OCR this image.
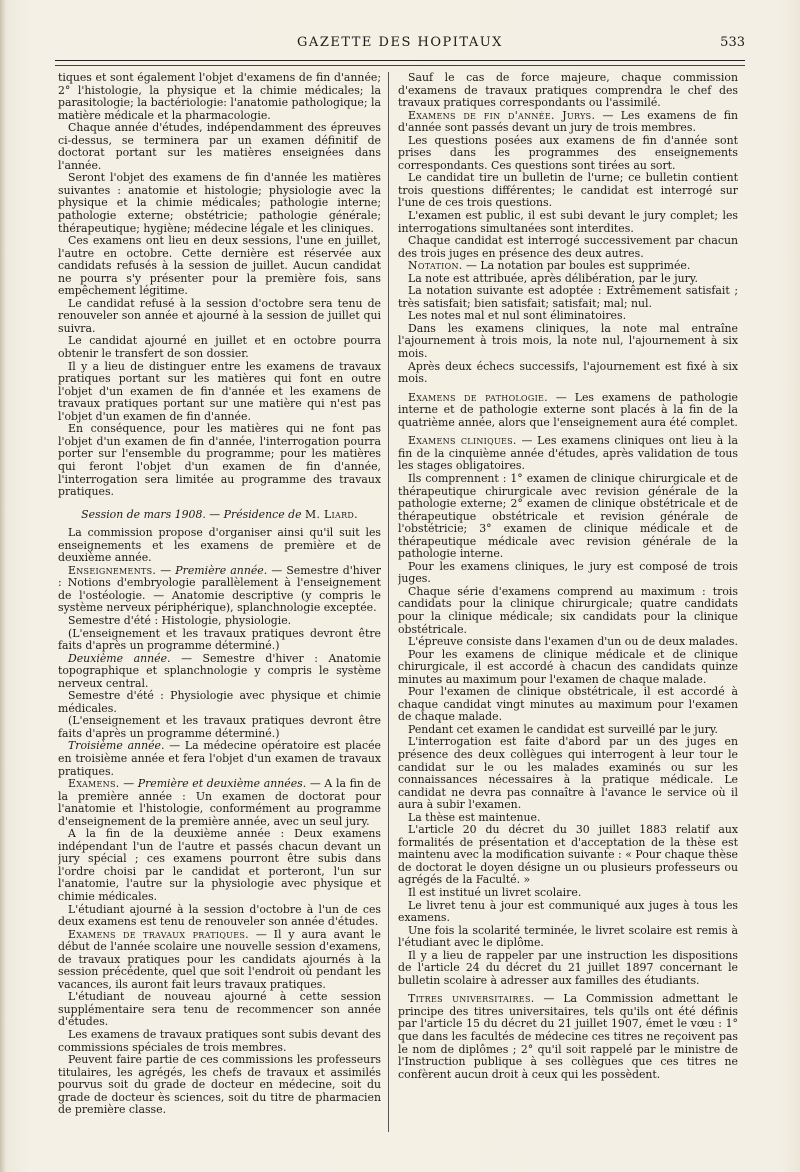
GAZETTE DES HOPITAUX	533

tiques et sont également l'objet d'examens de fin d'année; 2° l'histologie, la physique et la chimie médicales; la parasitologie; la bactériologie: l'anatomie pathologique; la matière médicale et la pharmacologie.

Chaque année d'études, indépendamment des épreuves ci-dessus, se terminera par un examen définitif de doctorat portant sur les matières enseignées dans l'année.

Seront l'objet des examens de fin d'année les matières suivantes : anatomie et histologie; physiologie avec la physique et la chimie médicales; pathologie interne; pathologie externe; obstétricie; pathologie générale; thérapeutique; hygiène; médecine légale et les cliniques.

Ces examens ont lieu en deux sessions, l'une en juillet, l'autre en octobre. Cette dernière est réservée aux candidats refusés à la session de juillet. Aucun candidat ne pourra s'y présenter pour la première fois, sans empêchement légitime.

Le candidat refusé à la session d'octobre sera tenu de renouveler son année et ajourné à la session de juillet qui suivra.

Le candidat ajourné en juillet et en octobre pourra obtenir le transfert de son dossier.

Il y a lieu de distinguer entre les examens de travaux pratiques portant sur les matières qui font en outre l'objet d'un examen de fin d'année et les examens de travaux pratiques portant sur une matière qui n'est pas l'objet d'un examen de fin d'année.

En conséquence, pour les matières qui ne font pas l'objet d'un examen de fin d'année, l'interrogation pourra porter sur l'ensemble du programme; pour les matières qui feront l'objet d'un examen de fin d'année, l'interrogation sera limitée au programme des travaux pratiques.

Session de mars 1908. — Présidence de M. Liard.

La commission propose d'organiser ainsi qu'il suit les enseignements et les examens de première et de deuxième année.

Enseignements. — Première année. — Semestre d'hiver : Notions d'embryologie parallèlement à l'enseignement de l'ostéologie. — Anatomie descriptive (y compris le système nerveux périphérique), splanchnologie exceptée.

Semestre d'été : Histologie, physiologie.

(L'enseignement et les travaux pratiques devront être faits d'après un programme déterminé.)

Deuxième année. — Semestre d'hiver : Anatomie topographique et splanchnologie y compris le système nerveux central.

Semestre d'été : Physiologie avec physique et chimie médicales.

(L'enseignement et les travaux pratiques devront être faits d'après un programme déterminé.)

Troisième année. — La médecine opératoire est placée en troisième année et fera l'objet d'un examen de travaux pratiques.

Examens. — Première et deuxième années. — A la fin de la première année : Un examen de doctorat pour l'anatomie et l'histologie, conformément au programme d'enseignement de la première année, avec un seul jury.

A la fin de la deuxième année : Deux examens indépendant l'un de l'autre et passés chacun devant un jury spécial ; ces examens pourront être subis dans l'ordre choisi par le candidat et porteront, l'un sur l'anatomie, l'autre sur la physiologie avec physique et chimie médicales.

L'étudiant ajourné à la session d'octobre à l'un de ces deux examens est tenu de renouveler son année d'études.

Examens de travaux pratiques. — Il y aura avant le début de l'année scolaire une nouvelle session d'examens, de travaux pratiques pour les candidats ajournés à la session précédente, quel que soit l'endroit où pendant les vacances, ils auront fait leurs travaux pratiques.

L'étudiant de nouveau ajourné à cette session supplémentaire sera tenu de recommencer son année d'études.

Les examens de travaux pratiques sont subis devant des commissions spéciales de trois membres.

Peuvent faire partie de ces commissions les professeurs titulaires, les agrégés, les chefs de travaux et assimilés pourvus soit du grade de docteur en médecine, soit du grade de docteur ès sciences, soit du titre de pharmacien de première classe.

Sauf le cas de force majeure, chaque commission d'examens de travaux pratiques comprendra le chef des travaux pratiques correspondants ou l'assimilé.

Examens de fin d'année. Jurys. — Les examens de fin d'année sont passés devant un jury de trois membres.

Les questions posées aux examens de fin d'année sont prises dans les programmes des enseignements correspondants. Ces questions sont tirées au sort.

Le candidat tire un bulletin de l'urne; ce bulletin contient trois questions différentes; le candidat est interrogé sur l'une de ces trois questions.

L'examen est public, il est subi devant le jury complet; les interrogations simultanées sont interdites.

Chaque candidat est interrogé successivement par chacun des trois juges en présence des deux autres.

Notation. — La notation par boules est supprimée.

La note est attribuée, après délibération, par le jury.

La notation suivante est adoptée : Extrêmement satisfait ; très satisfait; bien satisfait; satisfait; mal; nul.

Les notes mal et nul sont éliminatoires.

Dans les examens cliniques, la note mal entraîne l'ajournement à trois mois, la note nul, l'ajournement à six mois.

Après deux échecs successifs, l'ajournement est fixé à six mois.

Examens de pathologie. — Les examens de pathologie interne et de pathologie externe sont placés à la fin de la quatrième année, alors que l'enseignement aura été complet.

Examens cliniques. — Les examens cliniques ont lieu à la fin de la cinquième année d'études, après validation de tous les stages obligatoires.

Ils comprennent : 1° examen de clinique chirurgicale et de thérapeutique chirurgicale avec revision générale de la pathologie externe; 2° examen de clinique obstétricale et de thérapeutique obstétricale et revision générale de l'obstétricie; 3° examen de clinique médicale et de thérapeutique médicale avec revision générale de la pathologie interne.

Pour les examens cliniques, le jury est composé de trois juges.

Chaque série d'examens comprend au maximum : trois candidats pour la clinique chirurgicale; quatre candidats pour la clinique médicale; six candidats pour la clinique obstétricale.

L'épreuve consiste dans l'examen d'un ou de deux malades.

Pour les examens de clinique médicale et de clinique chirurgicale, il est accordé à chacun des candidats quinze minutes au maximum pour l'examen de chaque malade.

Pour l'examen de clinique obstétricale, il est accordé à chaque candidat vingt minutes au maximum pour l'examen de chaque malade.

Pendant cet examen le candidat est surveillé par le jury.

L'interrogation est faite d'abord par un des juges en présence des deux collègues qui interrogent à leur tour le candidat sur le ou les malades examinés ou sur les connaissances nécessaires à la pratique médicale. Le candidat ne devra pas connaître à l'avance le service où il aura à subir l'examen.

La thèse est maintenue.

L'article 20 du décret du 30 juillet 1883 relatif aux formalités de présentation et d'acceptation de la thèse est maintenu avec la modification suivante : « Pour chaque thèse de doctorat le doyen désigne un ou plusieurs professeurs ou agrégés de la Faculté. »

Il est institué un livret scolaire.

Le livret tenu à jour est communiqué aux juges à tous les examens.

Une fois la scolarité terminée, le livret scolaire est remis à l'étudiant avec le diplôme.

Il y a lieu de rappeler par une instruction les dispositions de l'article 24 du décret du 21 juillet 1897 concernant le bulletin scolaire à adresser aux familles des étudiants.

Titres universitaires. — La Commission admettant le principe des titres universitaires, tels qu'ils ont été définis par l'article 15 du décret du 21 juillet 1907, émet le vœu : 1° que dans les facultés de médecine ces titres ne reçoivent pas le nom de diplômes ; 2° qu'il soit rappelé par le ministre de l'Instruction publique à ses collègues que ces titres ne confèrent aucun droit à ceux qui les possèdent.
